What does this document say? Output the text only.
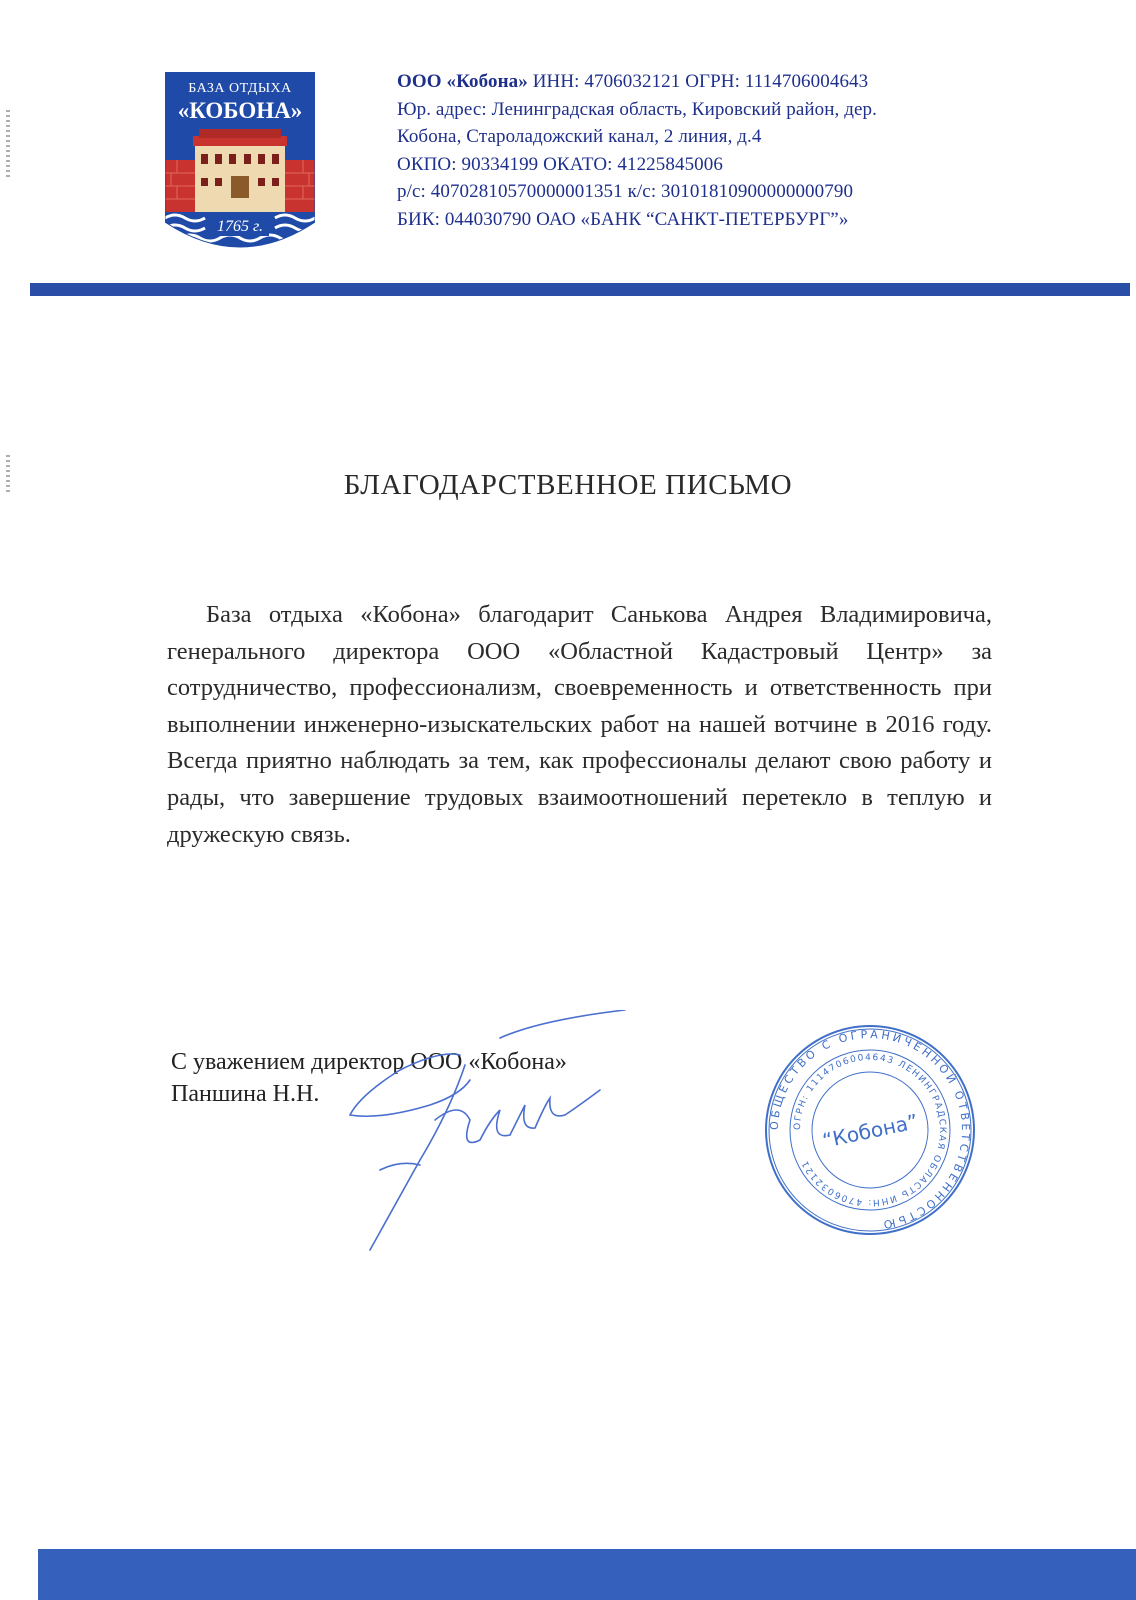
БАЗА ОТДЫХА
«КОБОНА»
1765 г.
ООО «Кобона» ИНН: 4706032121 ОГРН: 1114706004643
Юр. адрес: Ленинградская область, Кировский район, дер.
Кобона, Староладожский канал, 2 линия, д.4
ОКПО: 90334199 ОКАТО: 41225845006
р/с: 40702810570000001351 к/с: 30101810900000000790
БИК: 044030790 ОАО «БАНК “САНКТ-ПЕТЕРБУРГ”»
БЛАГОДАРСТВЕННОЕ ПИСЬМО

База отдыха «Кобона» благодарит Санькова Андрея Владимировича, генерального директора ООО «Областной Кадастровый Центр» за сотрудничество, профессионализм, своевременность и ответственность при выполнении инженерно-изыскательских работ на нашей вотчине в 2016 году. Всегда приятно наблюдать за тем, как профессионалы делают свою работу и рады, что завершение трудовых взаимоотношений перетекло в теплую и дружескую связь.

С уважением директор ООО «Кобона»
Паншина Н.Н.
ОБЩЕСТВО С ОГРАНИЧЕННОЙ ОТВЕТСТВЕННОСТЬЮ
ОГРН: 1114706004643 ЛЕНИНГРАДСКАЯ ОБЛАСТЬ ИНН: 4706032121
“Кобона”
